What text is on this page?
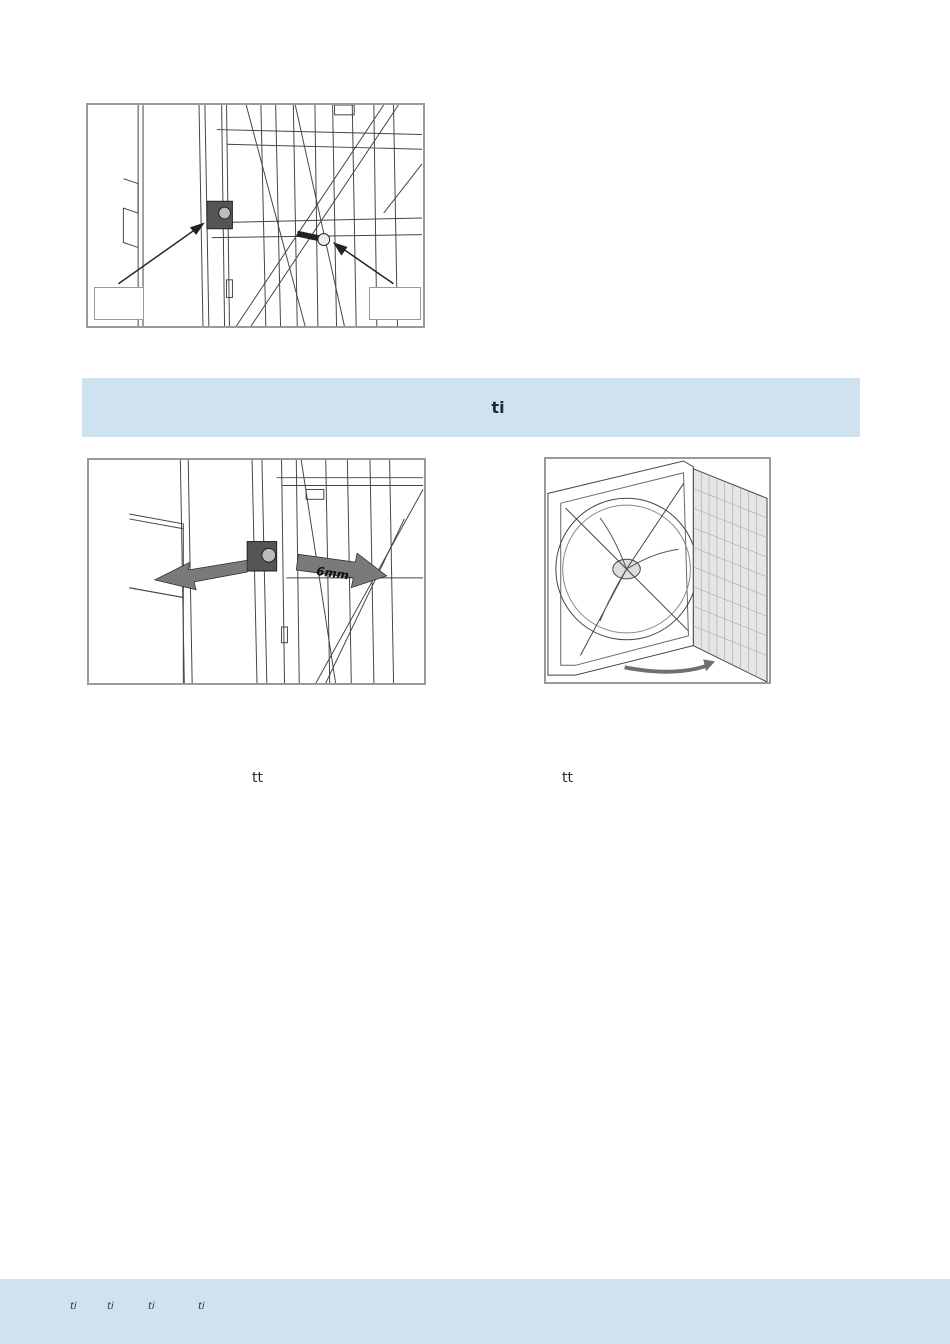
ti
6mm
tt	tt
ti	ti	ti	ti
